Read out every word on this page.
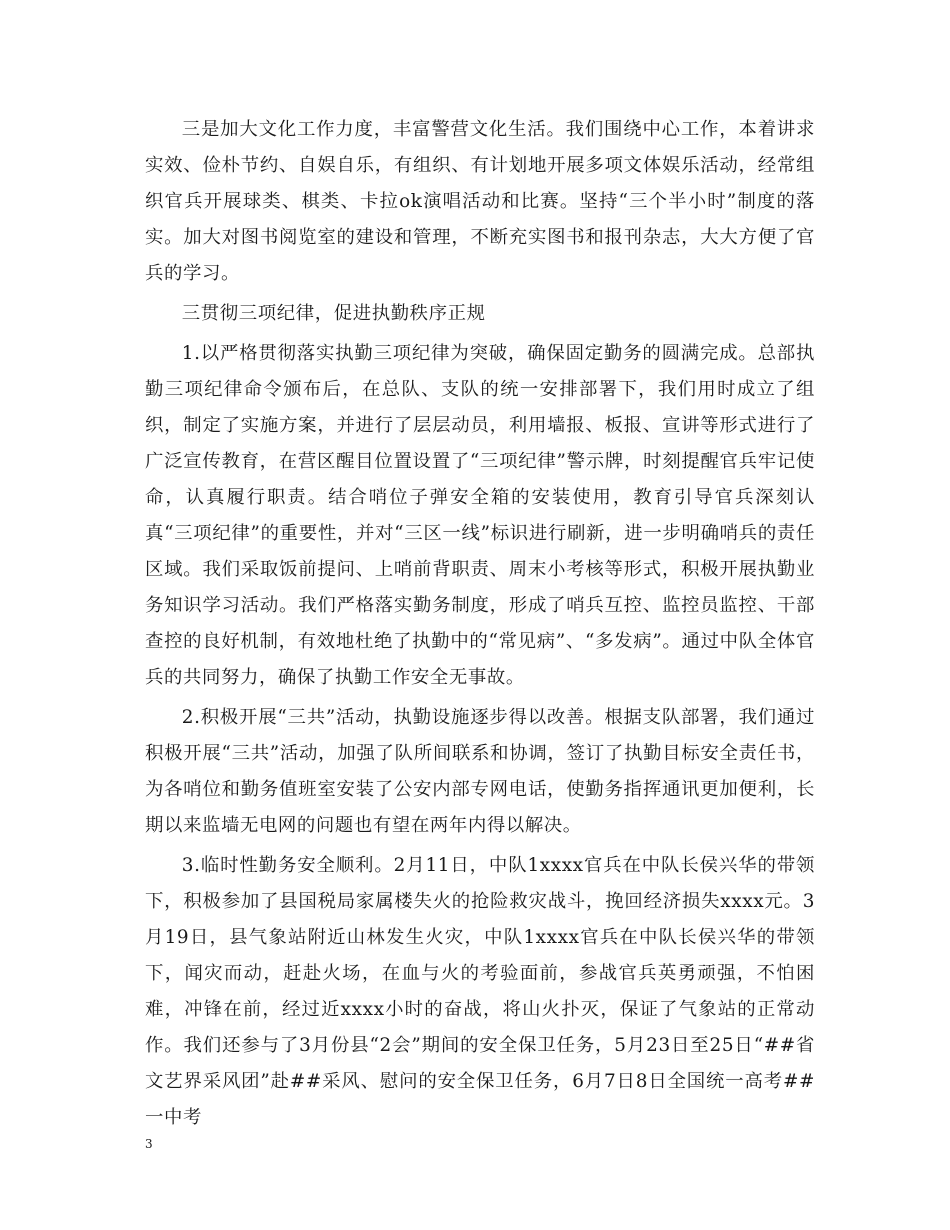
三是加大文化工作力度，丰富警营文化生活。我们围绕中心工作，本着讲求实效、俭朴节约、自娱自乐，有组织、有计划地开展多项文体娱乐活动，经常组织官兵开展球类、棋类、卡拉ok演唱活动和比赛。坚持“三个半小时”制度的落实。加大对图书阅览室的建设和管理，不断充实图书和报刊杂志，大大方便了官兵的学习。

三贯彻三项纪律，促进执勤秩序正规

1.以严格贯彻落实执勤三项纪律为突破，确保固定勤务的圆满完成。总部执勤三项纪律命令颁布后，在总队、支队的统一安排部署下，我们用时成立了组织，制定了实施方案，并进行了层层动员，利用墙报、板报、宣讲等形式进行了广泛宣传教育，在营区醒目位置设置了“三项纪律”警示牌，时刻提醒官兵牢记使命，认真履行职责。结合哨位子弹安全箱的安装使用，教育引导官兵深刻认真“三项纪律”的重要性，并对“三区一线”标识进行刷新，进一步明确哨兵的责任区域。我们采取饭前提问、上哨前背职责、周末小考核等形式，积极开展执勤业务知识学习活动。我们严格落实勤务制度，形成了哨兵互控、监控员监控、干部查控的良好机制，有效地杜绝了执勤中的“常见病”、“多发病”。通过中队全体官兵的共同努力，确保了执勤工作安全无事故。

2.积极开展“三共”活动，执勤设施逐步得以改善。根据支队部署，我们通过积极开展“三共”活动，加强了队所间联系和协调，签订了执勤目标安全责任书，为各哨位和勤务值班室安装了公安内部专网电话，使勤务指挥通讯更加便利，长期以来监墙无电网的问题也有望在两年内得以解决。

3.临时性勤务安全顺利。2月11日，中队1xxxx官兵在中队长侯兴华的带领下，积极参加了县国税局家属楼失火的抢险救灾战斗，挽回经济损失xxxx元。3月19日，县气象站附近山林发生火灾，中队1xxxx官兵在中队长侯兴华的带领下，闻灾而动，赶赴火场，在血与火的考验面前，参战官兵英勇顽强，不怕困难，冲锋在前，经过近xxxx小时的奋战，将山火扑灭，保证了气象站的正常动作。我们还参与了3月份县“2会”期间的安全保卫任务，5月23日至25日“##省文艺界采风团”赴##采风、慰问的安全保卫任务，6月7日8日全国统一高考##一中考

3
